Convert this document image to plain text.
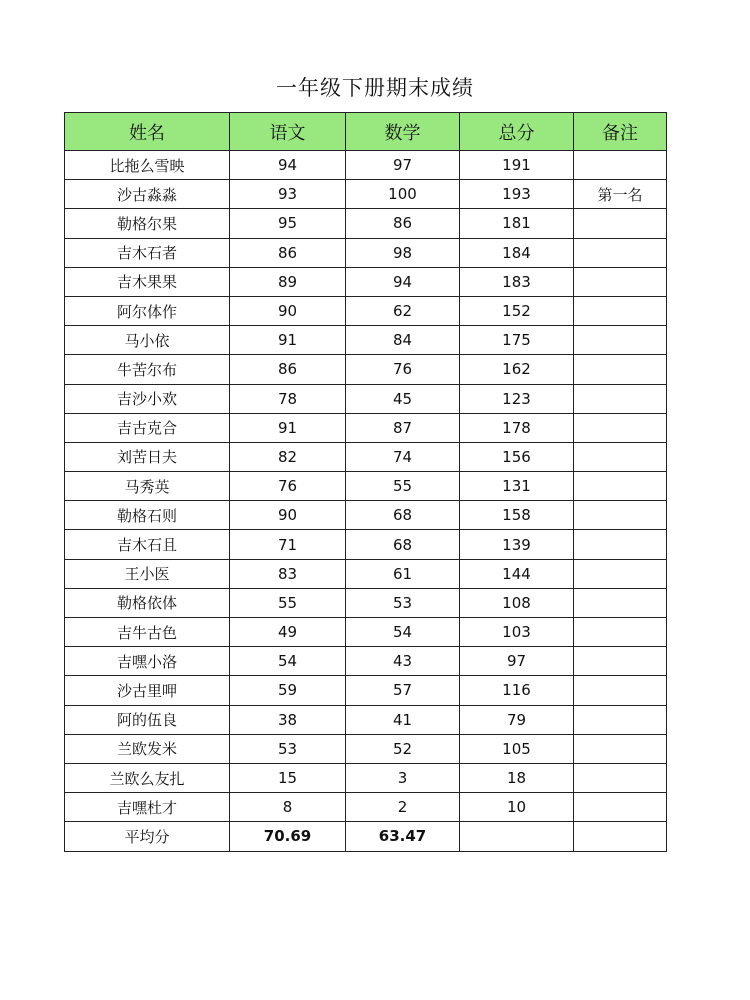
一年级下册期末成绩
姓名	语文	数学	总分	备注
比拖么雪映	94	97	191	
沙古淼淼	93	100	193	第一名
勒格尔果	95	86	181	
吉木石者	86	98	184	
吉木果果	89	94	183	
阿尔体作	90	62	152	
马小依	91	84	175	
牛苦尔布	86	76	162	
吉沙小欢	78	45	123	
吉古克合	91	87	178	
刘苦日夫	82	74	156	
马秀英	76	55	131	
勒格石则	90	68	158	
吉木石且	71	68	139	
王小医	83	61	144	
勒格依体	55	53	108	
吉牛古色	49	54	103	
吉嘿小洛	54	43	97	
沙古里呷	59	57	116	
阿的伍良	38	41	79	
兰欧发米	53	52	105	
兰欧么友扎	15	3	18	
吉嘿杜才	8	2	10	
平均分	70.69	63.47		
